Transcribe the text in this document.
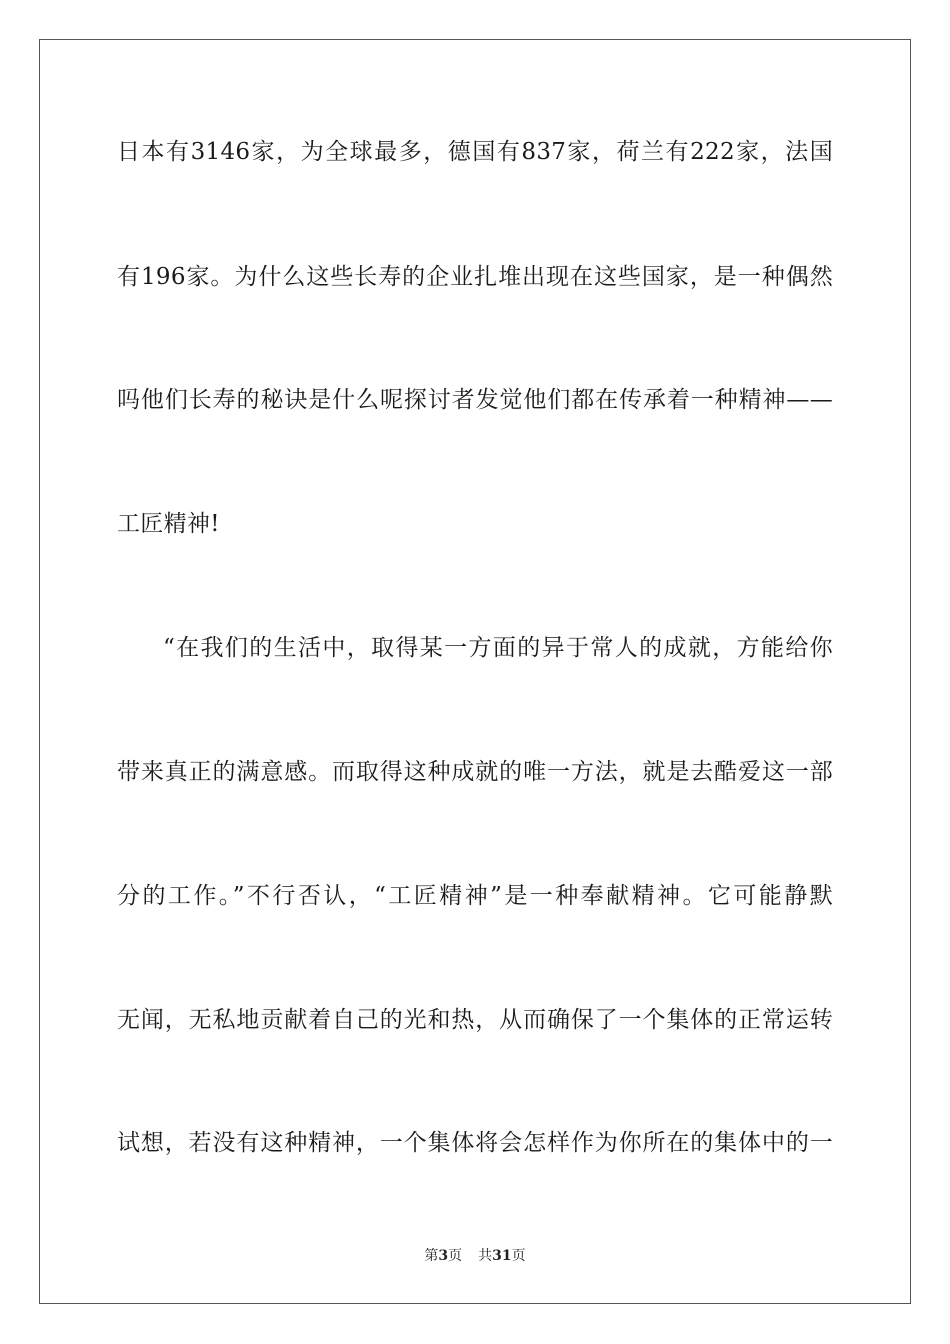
日本有3146家，为全球最多，德国有837家，荷兰有222家，法国
有196家。为什么这些长寿的企业扎堆出现在这些国家，是一种偶然
吗他们长寿的秘诀是什么呢探讨者发觉他们都在传承着一种精神——
工匠精神!
“在我们的生活中，取得某一方面的异于常人的成就，方能给你
带来真正的满意感。而取得这种成就的唯一方法，就是去酷爱这一部
分的工作。”不行否认，“工匠精神”是一种奉献精神。它可能静默
无闻，无私地贡献着自己的光和热，从而确保了一个集体的正常运转
试想，若没有这种精神，一个集体将会怎样作为你所在的集体中的一
第3页 共31页
